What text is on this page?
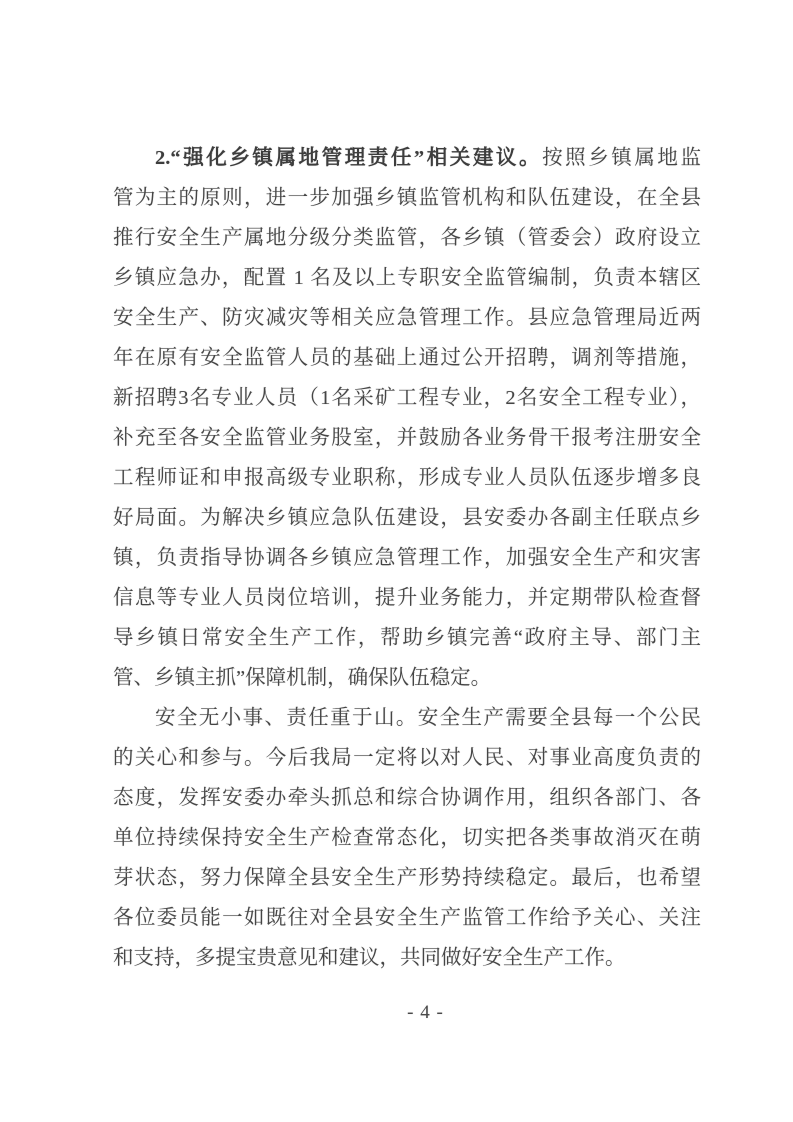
2.“强化乡镇属地管理责任”相关建议。按照乡镇属地监
管为主的原则，进一步加强乡镇监管机构和队伍建设，在全县
推行安全生产属地分级分类监管，各乡镇（管委会）政府设立
乡镇应急办，配置 1 名及以上专职安全监管编制，负责本辖区
安全生产、防灾减灾等相关应急管理工作。县应急管理局近两
年在原有安全监管人员的基础上通过公开招聘，调剂等措施，
新招聘3名专业人员（1名采矿工程专业，2名安全工程专业），
补充至各安全监管业务股室，并鼓励各业务骨干报考注册安全
工程师证和申报高级专业职称，形成专业人员队伍逐步增多良
好局面。为解决乡镇应急队伍建设，县安委办各副主任联点乡
镇，负责指导协调各乡镇应急管理工作，加强安全生产和灾害
信息等专业人员岗位培训，提升业务能力，并定期带队检查督
导乡镇日常安全生产工作，帮助乡镇完善“政府主导、部门主
管、乡镇主抓”保障机制，确保队伍稳定。
安全无小事、责任重于山。安全生产需要全县每一个公民
的关心和参与。今后我局一定将以对人民、对事业高度负责的
态度，发挥安委办牵头抓总和综合协调作用，组织各部门、各
单位持续保持安全生产检查常态化，切实把各类事故消灭在萌
芽状态，努力保障全县安全生产形势持续稳定。最后，也希望
各位委员能一如既往对全县安全生产监管工作给予关心、关注
和支持，多提宝贵意见和建议，共同做好安全生产工作。
- 4 -
